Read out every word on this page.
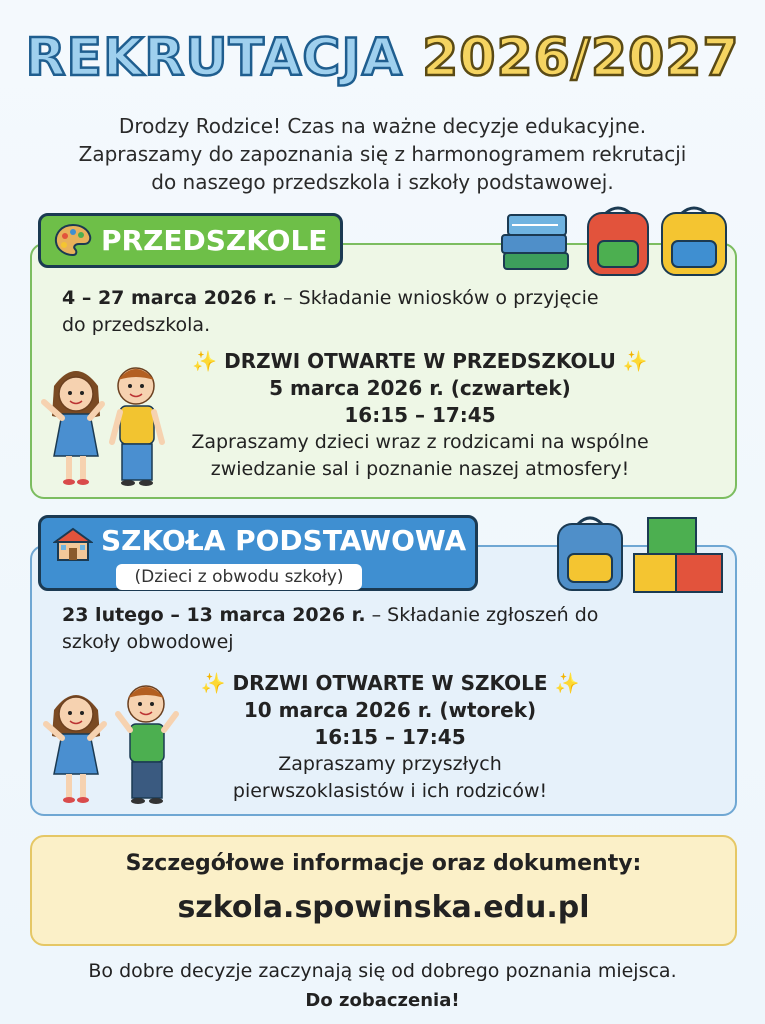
REKRUTACJA 2026/2027
Drodzy Rodzice! Czas na ważne decyzje edukacyjne.
Zapraszamy do zapoznania się z harmonogramem rekrutacji
do naszego przedszkola i szkoły podstawowej.
PRZEDSZKOLE
4 – 27 marca 2026 r. – Składanie wniosków o przyjęcie
do przedszkola.
✨ DRZWI OTWARTE W PRZEDSZKOLU ✨
5 marca 2026 r. (czwartek)
16:15 – 17:45
Zapraszamy dzieci wraz z rodzicami na wspólne
zwiedzanie sal i poznanie naszej atmosfery!
SZKOŁA PODSTAWOWA
(Dzieci z obwodu szkoły)
23 lutego – 13 marca 2026 r. – Składanie zgłoszeń do
szkoły obwodowej
✨ DRZWI OTWARTE W SZKOLE ✨
10 marca 2026 r. (wtorek)
16:15 – 17:45
Zapraszamy przyszłych
pierwszoklasistów i ich rodziców!
Szczegółowe informacje oraz dokumenty:
szkola.spowinska.edu.pl
Bo dobre decyzje zaczynają się od dobrego poznania miejsca.
Do zobaczenia!
